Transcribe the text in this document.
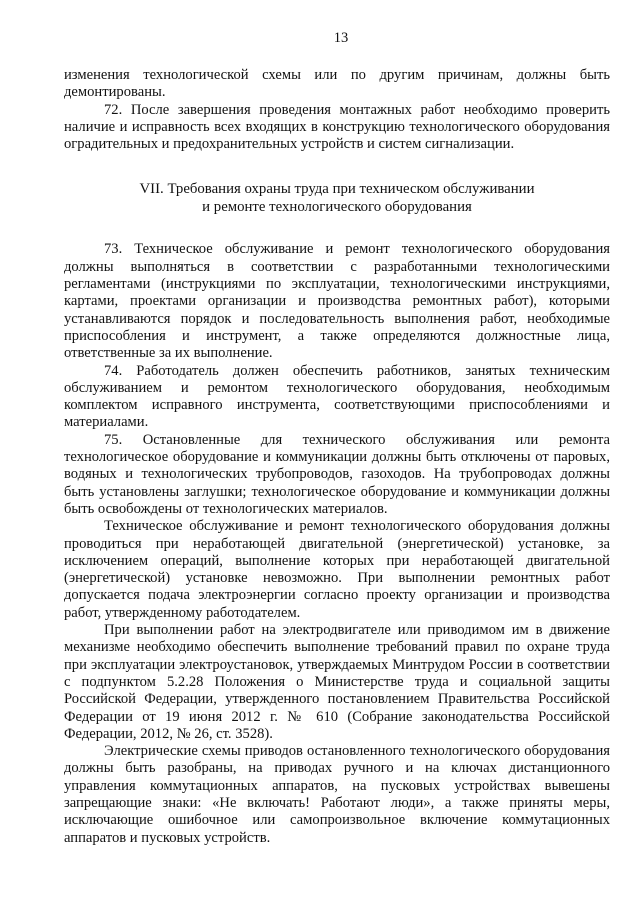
13

изменения технологической схемы или по другим причинам, должны быть демонтированы.

72. После завершения проведения монтажных работ необходимо проверить наличие и исправность всех входящих в конструкцию технологического оборудования оградительных и предохранительных устройств и систем сигнализации.

VII. Требования охраны труда при техническом обслуживании
и ремонте технологического оборудования

73. Техническое обслуживание и ремонт технологического оборудования должны выполняться в соответствии с разработанными технологическими регламентами (инструкциями по эксплуатации, технологическими инструкциями, картами, проектами организации и производства ремонтных работ), которыми устанавливаются порядок и последовательность выполнения работ, необходимые приспособления и инструмент, а также определяются должностные лица, ответственные за их выполнение.

74. Работодатель должен обеспечить работников, занятых техническим обслуживанием и ремонтом технологического оборудования, необходимым комплектом исправного инструмента, соответствующими приспособлениями и материалами.

75. Остановленные для технического обслуживания или ремонта технологическое оборудование и коммуникации должны быть отключены от паровых, водяных и технологических трубопроводов, газоходов. На трубопроводах должны быть установлены заглушки; технологическое оборудование и коммуникации должны быть освобождены от технологических материалов.

Техническое обслуживание и ремонт технологического оборудования должны проводиться при неработающей двигательной (энергетической) установке, за исключением операций, выполнение которых при неработающей двигательной (энергетической) установке невозможно. При выполнении ремонтных работ допускается подача электроэнергии согласно проекту организации и производства работ, утвержденному работодателем.

При выполнении работ на электродвигателе или приводимом им в движение механизме необходимо обеспечить выполнение требований правил по охране труда при эксплуатации электроустановок, утверждаемых Минтрудом России в соответствии с подпунктом 5.2.28 Положения о Министерстве труда и социальной защиты Российской Федерации, утвержденного постановлением Правительства Российской Федерации от 19 июня 2012 г. № 610 (Собрание законодательства Российской Федерации, 2012, № 26, ст. 3528).

Электрические схемы приводов остановленного технологического оборудования должны быть разобраны, на приводах ручного и на ключах дистанционного управления коммутационных аппаратов, на пусковых устройствах вывешены запрещающие знаки: «Не включать! Работают люди», а также приняты меры, исключающие ошибочное или самопроизвольное включение коммутационных аппаратов и пусковых устройств.
